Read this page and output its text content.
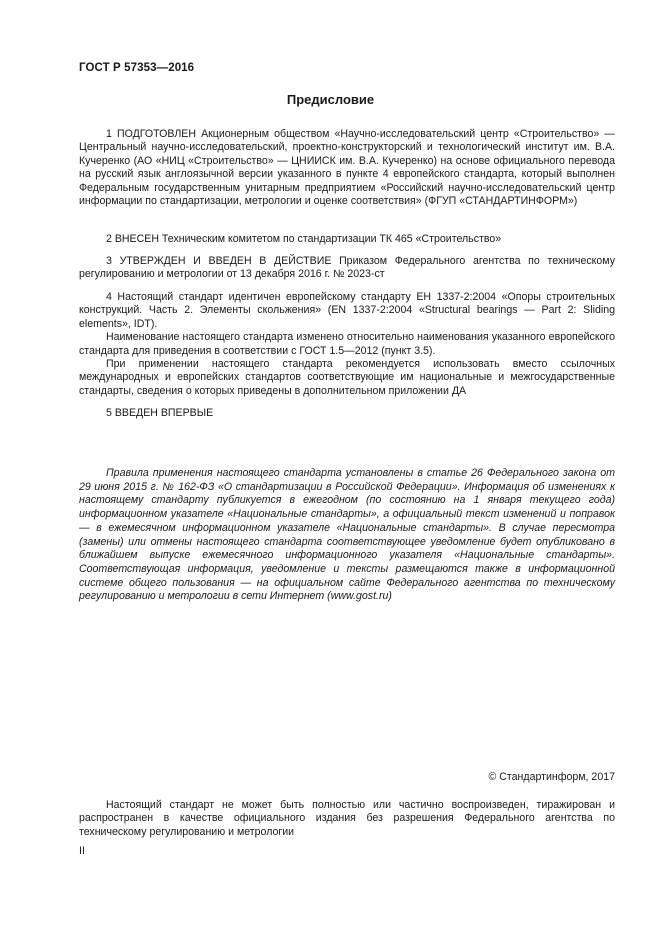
ГОСТ Р 57353—2016
Предисловие

1 ПОДГОТОВЛЕН Акционерным обществом «Научно-исследовательский центр «Строительство» — Центральный научно-исследовательский, проектно-конструкторский и технологический институт им. В.А. Кучеренко (АО «НИЦ «Строительство» — ЦНИИСК им. В.А. Кучеренко) на основе официального перевода на русский язык англоязычной версии указанного в пункте 4 европейского стандарта, который выполнен Федеральным государственным унитарным предприятием «Российский научно-исследовательский центр информации по стандартизации, метрологии и оценке соответствия» (ФГУП «СТАНДАРТИНФОРМ»)

2 ВНЕСЕН Техническим комитетом по стандартизации ТК 465 «Строительство»

3 УТВЕРЖДЕН И ВВЕДЕН В ДЕЙСТВИЕ Приказом Федерального агентства по техническому регулированию и метрологии от 13 декабря 2016 г. № 2023-ст

4 Настоящий стандарт идентичен европейскому стандарту ЕН 1337-2:2004 «Опоры строительных конструкций. Часть 2. Элементы скольжения» (EN 1337-2:2004 «Structural bearings — Part 2: Sliding elements», IDT).

Наименование настоящего стандарта изменено относительно наименования указанного европейского стандарта для приведения в соответствии с ГОСТ 1.5—2012 (пункт 3.5).

При применении настоящего стандарта рекомендуется использовать вместо ссылочных международных и европейских стандартов соответствующие им национальные и межгосударственные стандарты, сведения о которых приведены в дополнительном приложении ДА

5 ВВЕДЕН ВПЕРВЫЕ

Правила применения настоящего стандарта установлены в статье 26 Федерального закона от 29 июня 2015 г. № 162-ФЗ «О стандартизации в Российской Федерации». Информация об изменениях к настоящему стандарту публикуется в ежегодном (по состоянию на 1 января текущего года) информационном указателе «Национальные стандарты», а официальный текст изменений и поправок — в ежемесячном информационном указателе «Национальные стандарты». В случае пересмотра (замены) или отмены настоящего стандарта соответствующее уведомление будет опубликовано в ближайшем выпуске ежемесячного информационного указателя «Национальные стандарты». Соответствующая информация, уведомление и тексты размещаются также в информационной системе общего пользования — на официальном сайте Федерального агентства по техническому регулированию и метрологии в сети Интернет (www.gost.ru)

© Стандартинформ, 2017

Настоящий стандарт не может быть полностью или частично воспроизведен, тиражирован и распространен в качестве официального издания без разрешения Федерального агентства по техническому регулированию и метрологии

II
